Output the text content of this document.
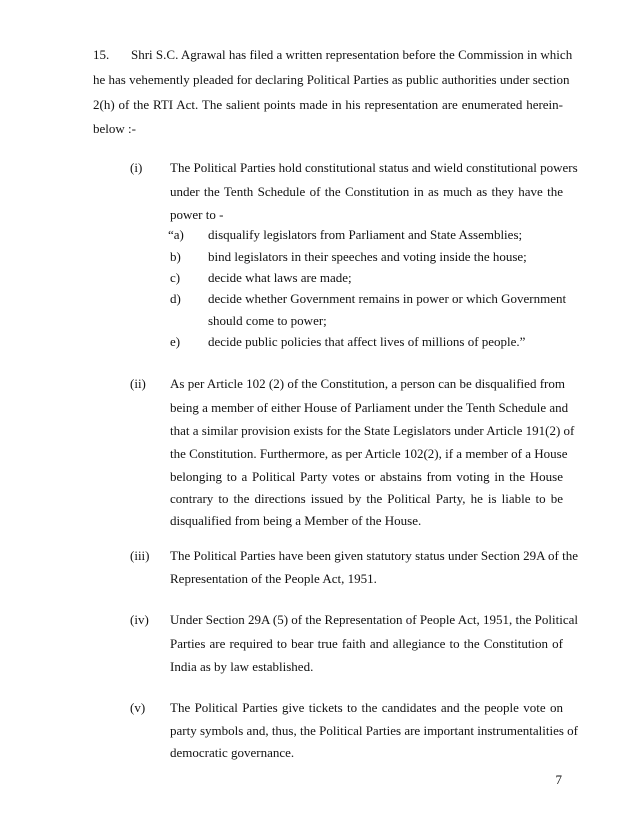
15. Shri S.C. Agrawal has filed a written representation before the Commission in which
he has vehemently pleaded for declaring Political Parties as public authorities under section
2(h) of the RTI Act. The salient points made in his representation are enumerated herein-
below :-
(i) The Political Parties hold constitutional status and wield constitutional powers
under the Tenth Schedule of the Constitution in as much as they have the
power to -
“a) disqualify legislators from Parliament and State Assemblies;
b) bind legislators in their speeches and voting inside the house;
c) decide what laws are made;
d) decide whether Government remains in power or which Government
should come to power;
e) decide public policies that affect lives of millions of people.”
(ii) As per Article 102 (2) of the Constitution, a person can be disqualified from
being a member of either House of Parliament under the Tenth Schedule and
that a similar provision exists for the State Legislators under Article 191(2) of
the Constitution. Furthermore, as per Article 102(2), if a member of a House
belonging to a Political Party votes or abstains from voting in the House
contrary to the directions issued by the Political Party, he is liable to be
disqualified from being a Member of the House.
(iii) The Political Parties have been given statutory status under Section 29A of the
Representation of the People Act, 1951.
(iv) Under Section 29A (5) of the Representation of People Act, 1951, the Political
Parties are required to bear true faith and allegiance to the Constitution of
India as by law established.
(v) The Political Parties give tickets to the candidates and the people vote on
party symbols and, thus, the Political Parties are important instrumentalities of
democratic governance.
7
